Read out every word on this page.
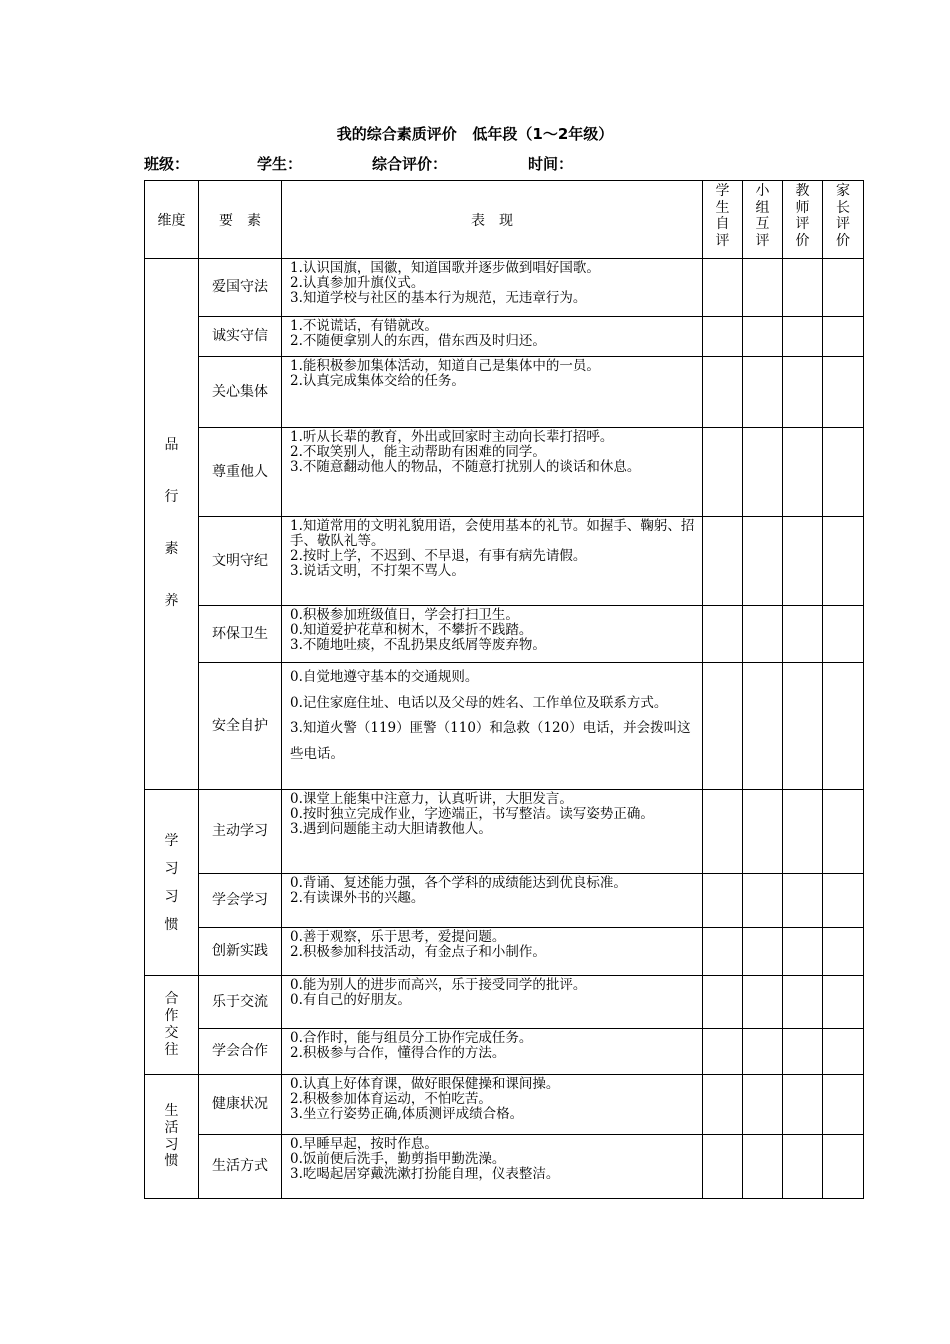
我的综合素质评价   低年段（1～2年级）
班级：	学生：	综合评价：	时间：
维度	要　素	表　现	学生自评	小组互评	教师评价	家长评价
品行素养	爱国守法	1.认识国旗，国徽，知道国歌并逐步做到唱好国歌。
2.认真参加升旗仪式。
3.知道学校与社区的基本行为规范，无违章行为。				

	诚实守信	1.不说谎话，有错就改。
2.不随便拿别人的东西，借东西及时归还。				

	关心集体	1.能积极参加集体活动，知道自己是集体中的一员。
2.认真完成集体交给的任务。				

	尊重他人	1.听从长辈的教育，外出或回家时主动向长辈打招呼。
2.不取笑别人，能主动帮助有困难的同学。
3.不随意翻动他人的物品，不随意打扰别人的谈话和休息。				

	文明守纪	1.知道常用的文明礼貌用语，会使用基本的礼节。如握手、鞠躬、招手、敬队礼等。
2.按时上学，不迟到、不早退，有事有病先请假。
3.说话文明，不打架不骂人。				

	环保卫生	0.积极参加班级值日，学会打扫卫生。
0.知道爱护花草和树木，不攀折不践踏。
3.不随地吐痰，不乱扔果皮纸屑等废弃物。				

	安全自护	0.自觉地遵守基本的交通规则。
0.记住家庭住址、电话以及父母的姓名、工作单位及联系方式。
3.知道火警（119）匪警（110）和急救（120）电话，并会拨叫这些电话。				

学习习惯	主动学习	0.课堂上能集中注意力，认真听讲，大胆发言。
0.按时独立完成作业，字迹端正，书写整洁。读写姿势正确。
3.遇到问题能主动大胆请教他人。				

	学会学习	0.背诵、复述能力强，各个学科的成绩能达到优良标准。
2.有读课外书的兴趣。				

	创新实践	0.善于观察，乐于思考，爱提问题。
2.积极参加科技活动，有金点子和小制作。				

合作交往	乐于交流	0.能为别人的进步而高兴，乐于接受同学的批评。
0.有自己的好朋友。				

	学会合作	0.合作时，能与组员分工协作完成任务。
2.积极参与合作，懂得合作的方法。				

生活习惯	健康状况	0.认真上好体育课，做好眼保健操和课间操。
2.积极参加体育运动，不怕吃苦。
3.坐立行姿势正确,体质测评成绩合格。				

	生活方式	0.早睡早起，按时作息。
0.饭前便后洗手，勤剪指甲勤洗澡。
3.吃喝起居穿戴洗漱打扮能自理，仪表整洁。				
